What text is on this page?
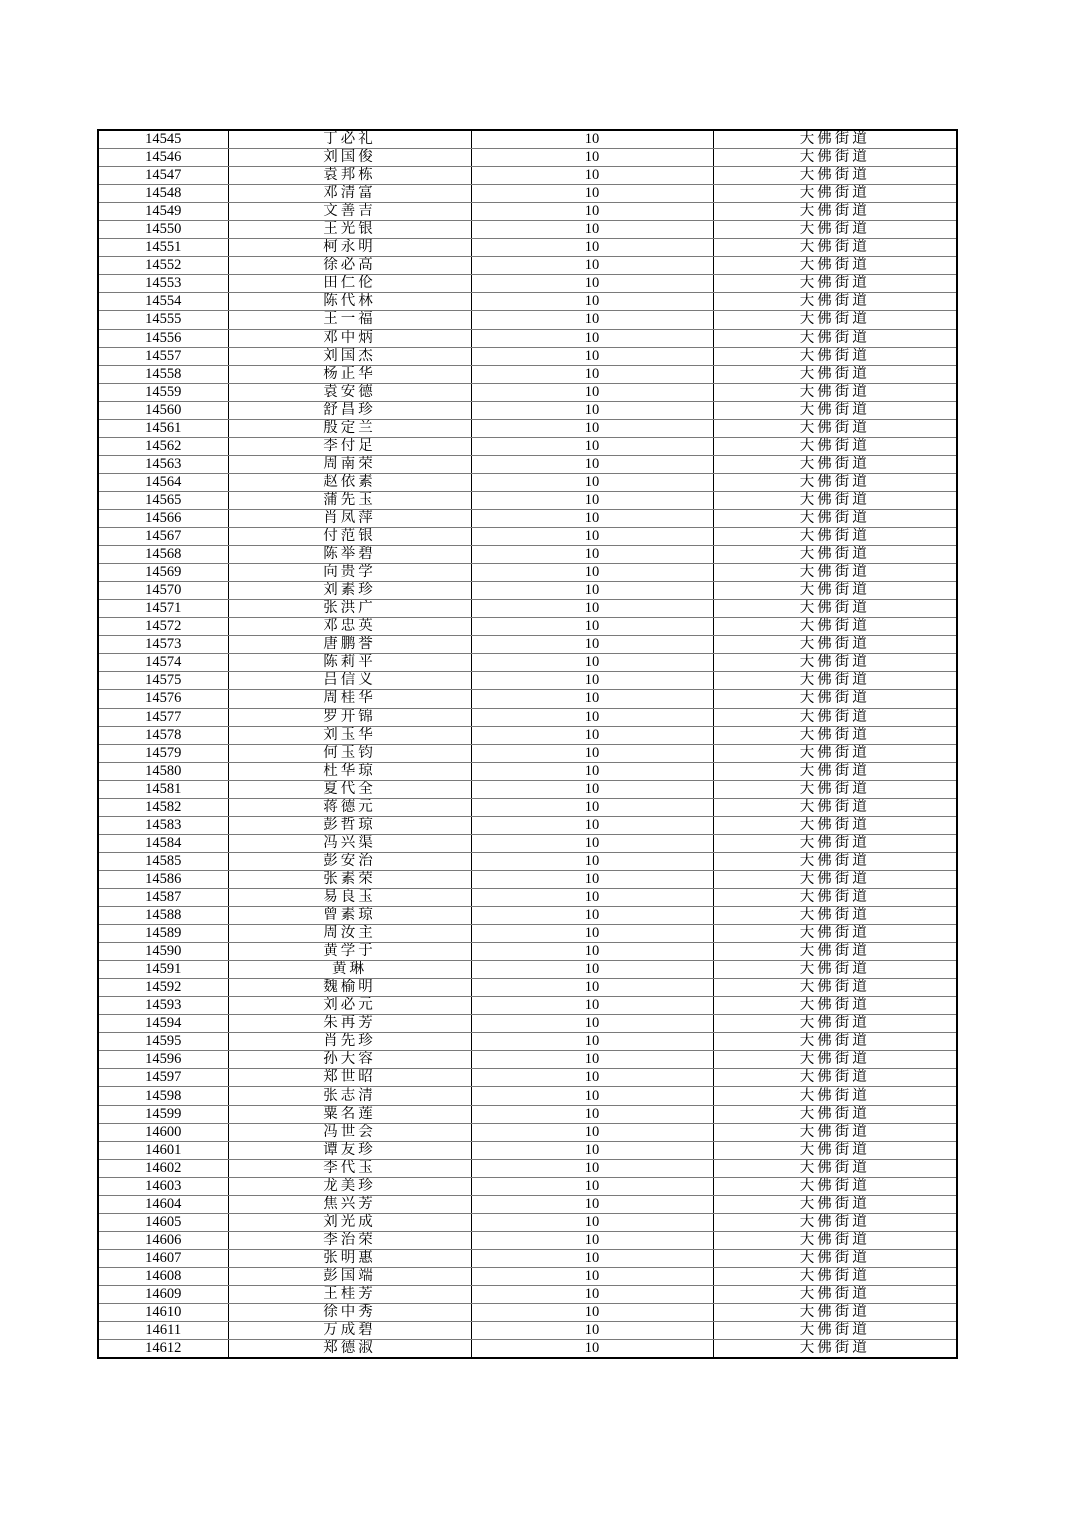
14545	丁必礼	10	大佛街道
14546	刘国俊	10	大佛街道
14547	袁邦栋	10	大佛街道
14548	邓清富	10	大佛街道
14549	文善吉	10	大佛街道
14550	王光银	10	大佛街道
14551	柯永明	10	大佛街道
14552	徐必高	10	大佛街道
14553	田仁伦	10	大佛街道
14554	陈代林	10	大佛街道
14555	王一福	10	大佛街道
14556	邓中炳	10	大佛街道
14557	刘国杰	10	大佛街道
14558	杨正华	10	大佛街道
14559	袁安德	10	大佛街道
14560	舒昌珍	10	大佛街道
14561	殷定兰	10	大佛街道
14562	李付足	10	大佛街道
14563	周南荣	10	大佛街道
14564	赵依素	10	大佛街道
14565	蒲先玉	10	大佛街道
14566	肖凤萍	10	大佛街道
14567	付范银	10	大佛街道
14568	陈举碧	10	大佛街道
14569	向贵学	10	大佛街道
14570	刘素珍	10	大佛街道
14571	张洪广	10	大佛街道
14572	邓忠英	10	大佛街道
14573	唐鹏誉	10	大佛街道
14574	陈莉平	10	大佛街道
14575	吕信义	10	大佛街道
14576	周桂华	10	大佛街道
14577	罗开锦	10	大佛街道
14578	刘玉华	10	大佛街道
14579	何玉钧	10	大佛街道
14580	杜华琼	10	大佛街道
14581	夏代全	10	大佛街道
14582	蒋德元	10	大佛街道
14583	彭哲琼	10	大佛街道
14584	冯兴渠	10	大佛街道
14585	彭安治	10	大佛街道
14586	张素荣	10	大佛街道
14587	易良玉	10	大佛街道
14588	曾素琼	10	大佛街道
14589	周汝主	10	大佛街道
14590	黄学于	10	大佛街道
14591	黄琳	10	大佛街道
14592	魏榆明	10	大佛街道
14593	刘必元	10	大佛街道
14594	朱再芳	10	大佛街道
14595	肖先珍	10	大佛街道
14596	孙大容	10	大佛街道
14597	郑世昭	10	大佛街道
14598	张志清	10	大佛街道
14599	粟名莲	10	大佛街道
14600	冯世会	10	大佛街道
14601	谭友珍	10	大佛街道
14602	李代玉	10	大佛街道
14603	龙美珍	10	大佛街道
14604	焦兴芳	10	大佛街道
14605	刘光成	10	大佛街道
14606	李治荣	10	大佛街道
14607	张明惠	10	大佛街道
14608	彭国端	10	大佛街道
14609	王桂芳	10	大佛街道
14610	徐中秀	10	大佛街道
14611	万成碧	10	大佛街道
14612	郑德淑	10	大佛街道
